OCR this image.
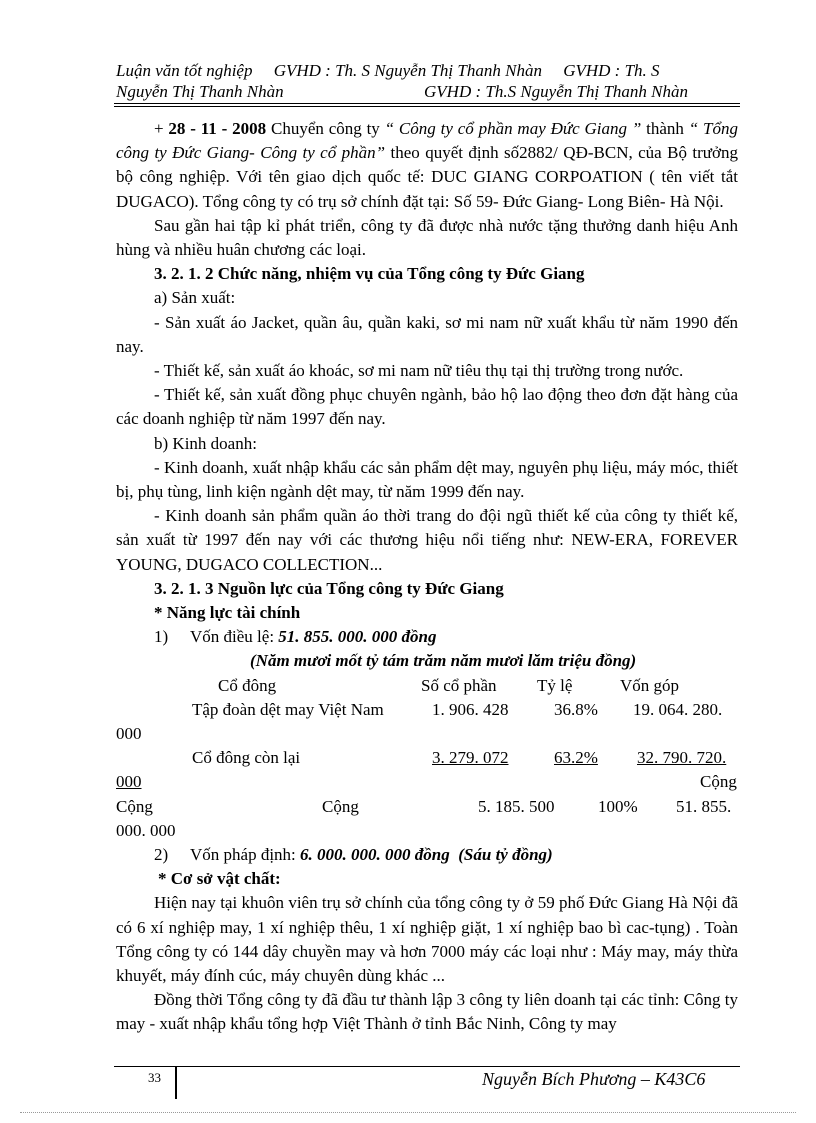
Luận văn tốt nghiệp     GVHD : Th. S Nguyễn Thị Thanh Nhàn     GVHD : Th. S
Nguyễn Thị Thanh Nhàn	GVHD : Th.S Nguyễn Thị Thanh Nhàn

+ 28 - 11 - 2008 Chuyển công ty “ Công ty cổ phần may Đức Giang ” thành “ Tổng công ty Đức Giang- Công ty cổ phần” theo quyết định số2882/ QĐ-BCN, của Bộ trưởng bộ công nghiệp. Với tên giao dịch quốc tế: DUC GIANG CORPOATION ( tên viết tắt DUGACO). Tổng công ty có trụ sở chính đặt tại: Số 59- Đức Giang- Long Biên- Hà Nội.

Sau gần hai tập kỉ phát triển, công ty đã được nhà nước tặng thưởng danh hiệu Anh hùng và nhiều huân chương các loại.

3. 2. 1. 2 Chức năng, nhiệm vụ của Tổng công ty Đức Giang

a) Sản xuất:

- Sản xuất áo Jacket, quần âu, quần kaki, sơ mi nam nữ xuất khẩu từ năm 1990 đến nay.

- Thiết kế, sản xuất áo khoác, sơ mi nam nữ tiêu thụ tại thị trường trong nước.

- Thiết kế, sản xuất đồng phục chuyên ngành, bảo hộ lao động theo đơn đặt hàng của các doanh nghiệp từ năm 1997 đến nay.

b) Kinh doanh:

- Kinh doanh, xuất nhập khẩu các sản phẩm dệt may, nguyên phụ liệu, máy móc, thiết bị, phụ tùng, linh kiện ngành dệt may, từ năm 1999 đến nay.

- Kinh doanh sản phẩm quần áo thời trang do đội ngũ thiết kế của công ty thiết kế, sản xuất từ 1997 đến nay với các thương hiệu nổi tiếng như: NEW-ERA, FOREVER YOUNG, DUGACO COLLECTION...

3. 2. 1. 3 Nguồn lực của Tổng công ty Đức Giang

* Năng lực tài chính

1) Vốn điều lệ: 51. 855. 000. 000 đồng
(Năm mươi mốt tỷ tám trăm năm mươi lăm triệu đồng)
Cổ đông	Số cổ phần Tỷ lệ	Vốn góp
Tập đoàn dệt may Việt Nam	1. 906. 428	36.8% 19. 064. 280.
000
Cổ đông còn lại	3. 279. 072	63.2% 32. 790. 720.
000	Cộng
Cộng	Cộng	5. 185. 500	100% 51. 855.
000. 000
2) Vốn pháp định: 6. 000. 000. 000 đồng (Sáu tỷ đồng)

* Cơ sở vật chất:

Hiện nay tại khuôn viên trụ sở chính của tổng công ty ở 59 phố Đức Giang Hà Nội đã có 6 xí nghiệp may, 1 xí nghiệp thêu, 1 xí nghiệp giặt, 1 xí nghiệp bao bì cac-tụng) . Toàn Tổng công ty có 144 dây chuyền may và hơn 7000 máy các loại như : Máy may, máy thừa khuyết, máy đính cúc, máy chuyên dùng khác ...

Đồng thời Tổng công ty đã đầu tư thành lập 3 công ty liên doanh tại các tỉnh: Công ty may - xuất nhập khẩu tổng hợp Việt Thành ở tỉnh Bắc Ninh, Công ty may

33	Nguyễn Bích Phương – K43C6
